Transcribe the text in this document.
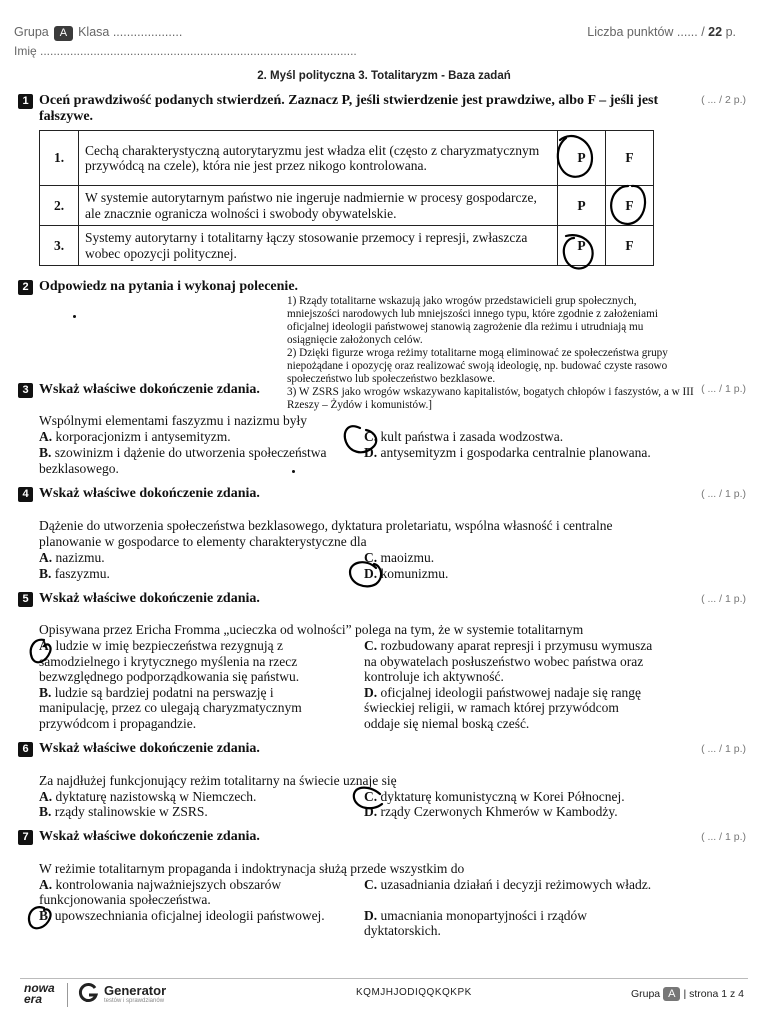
Grupa A Klasa ....................
Imię ...............................................................................................
Liczba punktów ...... / 22 p.
2. Myśl polityczna 3. Totalitaryzm - Baza zadań
1 Oceń prawdziwość podanych stwierdzeń. Zaznacz P, jeśli stwierdzenie jest prawdziwe, albo F – jeśli jest fałszywe.
( ... / 2 p.)
1.	Cechą charakterystyczną autorytaryzmu jest władza elit (często z charyzmatycznym przywódcą na czele), która nie jest przez nikogo kontrolowana.	P	F
2.	W systemie autorytarnym państwo nie ingeruje nadmiernie w procesy gospodarcze, ale znacznie ogranicza wolności i swobody obywatelskie.	P	F
3.	Systemy autorytarny i totalitarny łączy stosowanie przemocy i represji, zwłaszcza wobec opozycji politycznej.	P	F
2 Odpowiedz na pytania i wykonaj polecenie.
1) Rządy totalitarne wskazują jako wrogów przedstawicieli grup społecznych,
mniejszości narodowych lub mniejszości innego typu, które zgodnie z założeniami
oficjalnej ideologii państwowej stanowią zagrożenie dla reżimu i utrudniają mu
osiągnięcie założonych celów.
2) Dzięki figurze wroga reżimy totalitarne mogą eliminować ze społeczeństwa grupy
niepożądane i opozycję oraz realizować swoją ideologię, np. budować czyste rasowo
społeczeństwo lub społeczeństwo bezklasowe.
3) W ZSRS jako wrogów wskazywano kapitalistów, bogatych chłopów i faszystów, a w III
Rzeszy – Żydów i komunistów.]
3 Wskaż właściwe dokończenie zdania.	( ... / 1 p.)
Wspólnymi elementami faszyzmu i nazizmu były
A. korporacjonizm i antysemityzm.
B. szowinizm i dążenie do utworzenia społeczeństwa
bezklasowego.
C. kult państwa i zasada wodzostwa.
D. antysemityzm i gospodarka centralnie planowana.
4 Wskaż właściwe dokończenie zdania.	( ... / 1 p.)
Dążenie do utworzenia społeczeństwa bezklasowego, dyktatura proletariatu, wspólna własność i centralne
planowanie w gospodarce to elementy charakterystyczne dla
A. nazizmu.
B. faszyzmu.
C. maoizmu.
D. komunizmu.
5 Wskaż właściwe dokończenie zdania.	( ... / 1 p.)
Opisywana przez Ericha Fromma „ucieczka od wolności” polega na tym, że w systemie totalitarnym
A. ludzie w imię bezpieczeństwa rezygnują z
samodzielnego i krytycznego myślenia na rzecz
bezwzględnego podporządkowania się państwu.
B. ludzie są bardziej podatni na perswazję i
manipulację, przez co ulegają charyzmatycznym
przywódcom i propagandzie.
C. rozbudowany aparat represji i przymusu wymusza
na obywatelach posłuszeństwo wobec państwa oraz
kontroluje ich aktywność.
D. oficjalnej ideologii państwowej nadaje się rangę
świeckiej religii, w ramach której przywódcom
oddaje się niemal boską cześć.
6 Wskaż właściwe dokończenie zdania.	( ... / 1 p.)
Za najdłużej funkcjonujący reżim totalitarny na świecie uznaje się
A. dyktaturę nazistowską w Niemczech.
B. rządy stalinowskie w ZSRS.
C. dyktaturę komunistyczną w Korei Północnej.
D. rządy Czerwonych Khmerów w Kambodży.
7 Wskaż właściwe dokończenie zdania.	( ... / 1 p.)
W reżimie totalitarnym propaganda i indoktrynacja służą przede wszystkim do
A. kontrolowania najważniejszych obszarów
funkcjonowania społeczeństwa.
B. upowszechniania oficjalnej ideologii państwowej.
C. uzasadniania działań i decyzji reżimowych władz.
D. umacniania monopartyjności i rządów
dyktatorskich.
nowa
era
Generator
testów i sprawdzianów
KQMJHJODIQQKQKPK	Grupa A | strona 1 z 4
